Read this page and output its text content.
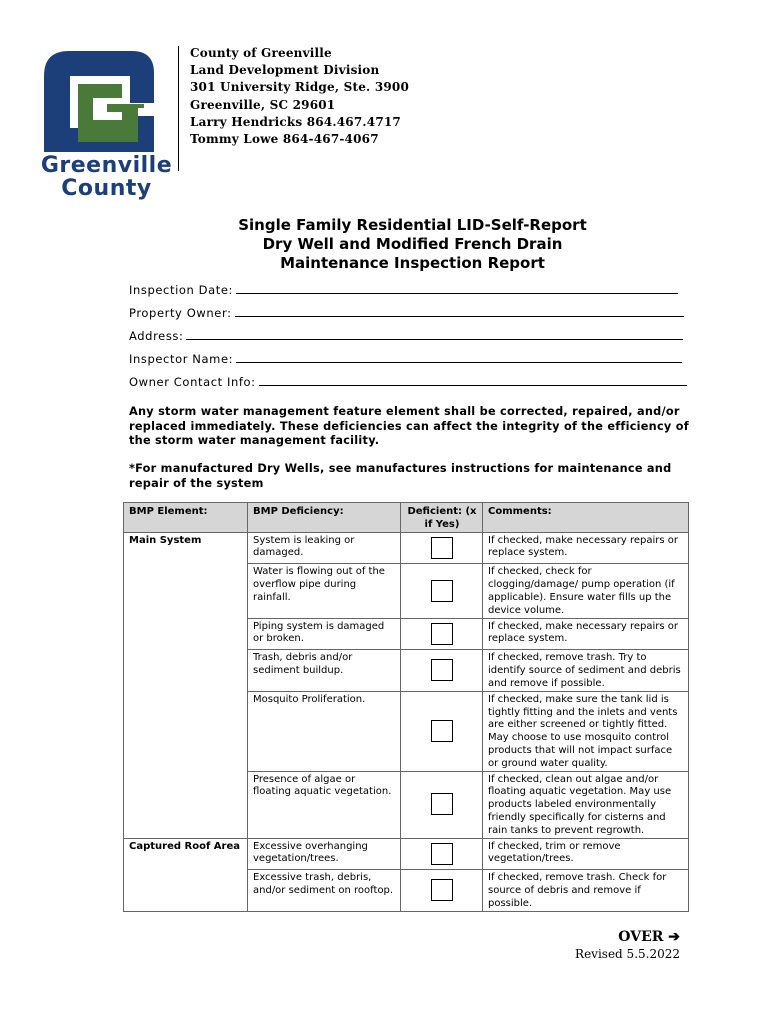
Greenville
County
County of Greenville
Land Development Division
301 University Ridge, Ste. 3900
Greenville, SC 29601
Larry Hendricks 864.467.4717
Tommy Lowe 864-467-4067
Single Family Residential LID-Self-Report
Dry Well and Modified French Drain
Maintenance Inspection Report
Inspection Date:
Property Owner:
Address:
Inspector Name:
Owner Contact Info:
Any storm water management feature element shall be corrected, repaired, and/or replaced immediately. These deficiencies can affect the integrity of the efficiency of the storm water management facility.
*For manufactured Dry Wells, see manufactures instructions for maintenance and repair of the system
BMP Element:	BMP Deficiency:	Deficient: (x if Yes)	Comments:
Main System	System is leaking or damaged.		If checked, make necessary repairs or replace system.
	Water is flowing out of the overflow pipe during rainfall.		If checked, check for clogging/damage/ pump operation (if applicable). Ensure water fills up the device volume.
	Piping system is damaged or broken.		If checked, make necessary repairs or replace system.
	Trash, debris and/or sediment buildup.		If checked, remove trash. Try to identify source of sediment and debris and remove if possible.
	Mosquito Proliferation.		If checked, make sure the tank lid is tightly fitting and the inlets and vents are either screened or tightly fitted. May choose to use mosquito control products that will not impact surface or ground water quality.
	Presence of algae or floating aquatic vegetation.		If checked, clean out algae and/or floating aquatic vegetation. May use products labeled environmentally friendly specifically for cisterns and rain tanks to prevent regrowth.
Captured Roof Area	Excessive overhanging vegetation/trees.		If checked, trim or remove vegetation/trees.
	Excessive trash, debris, and/or sediment on rooftop.		If checked, remove trash. Check for source of debris and remove if possible.
OVER ➔
Revised 5.5.2022
